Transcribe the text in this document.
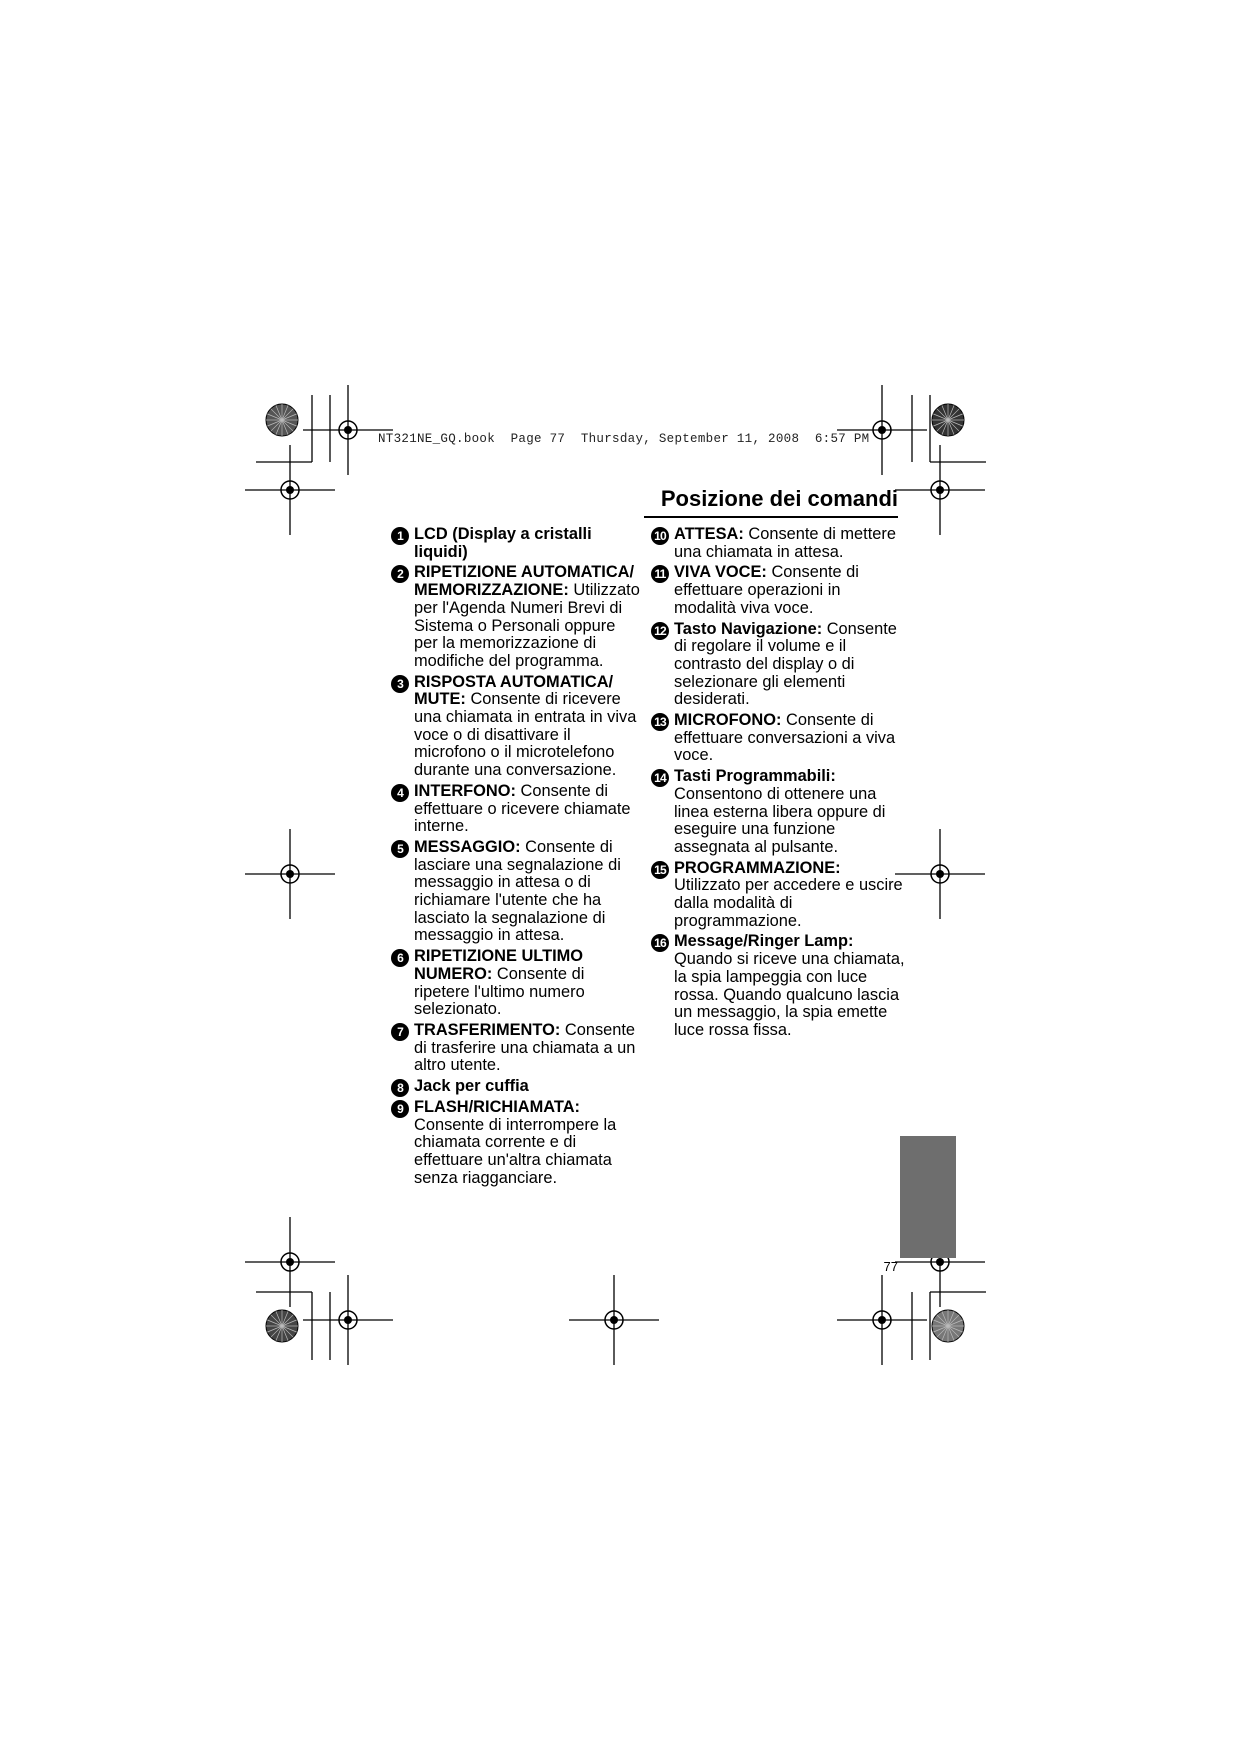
NT321NE_GQ.book  Page 77  Thursday, September 11, 2008  6:57 PM
Posizione dei comandi
1 LCD (Display a cristalli liquidi)
2 RIPETIZIONE AUTOMATICA/ MEMORIZZAZIONE: Utilizzato per l'Agenda Numeri Brevi di Sistema o Personali oppure per la memorizzazione di modifiche del programma.
3 RISPOSTA AUTOMATICA/ MUTE: Consente di ricevere una chiamata in entrata in viva voce o di disattivare il microfono o il microtelefono durante una conversazione.
4 INTERFONO: Consente di effettuare o ricevere chiamate interne.
5 MESSAGGIO: Consente di lasciare una segnalazione di messaggio in attesa o di richiamare l'utente che ha lasciato la segnalazione di messaggio in attesa.
6 RIPETIZIONE ULTIMO NUMERO: Consente di ripetere l'ultimo numero selezionato.
7 TRASFERIMENTO: Consente di trasferire una chiamata a un altro utente.
8 Jack per cuffia
9 FLASH/RICHIAMATA: Consente di interrompere la chiamata corrente e di effettuare un'altra chiamata senza riagganciare.
10 ATTESA: Consente di mettere una chiamata in attesa.
11 VIVA VOCE: Consente di effettuare operazioni in modalità viva voce.
12 Tasto Navigazione: Consente di regolare il volume e il contrasto del display o di selezionare gli elementi desiderati.
13 MICROFONO: Consente di effettuare conversazioni a viva voce.
14 Tasti Programmabili: Consentono di ottenere una linea esterna libera oppure di eseguire una funzione assegnata al pulsante.
15 PROGRAMMAZIONE: Utilizzato per accedere e uscire dalla modalità di programmazione.
16 Message/Ringer Lamp: Quando si riceve una chiamata, la spia lampeggia con luce rossa. Quando qualcuno lascia un messaggio, la spia emette luce rossa fissa.
77
